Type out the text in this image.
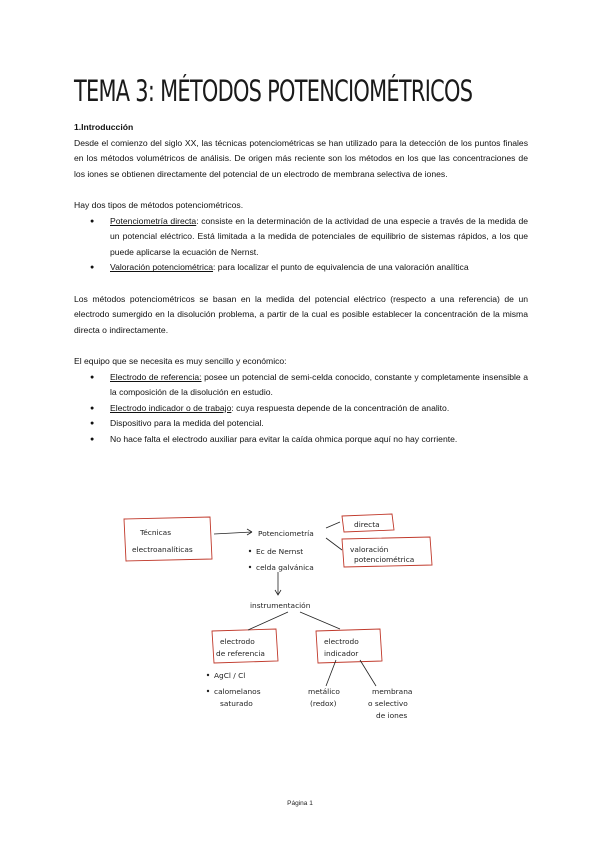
TEMA 3: MÉTODOS POTENCIOMÉTRICOS

1.Introducción

Desde el comienzo del siglo XX, las técnicas potenciométricas se han utilizado para la detección de los puntos finales en los métodos volumétricos de análisis. De origen más reciente son los métodos en los que las concentraciones de los iones se obtienen directamente del potencial de un electrodo de membrana selectiva de iones.

Hay dos tipos de métodos potenciométricos.

● Potenciometría directa: consiste en la determinación de la actividad de una especie a través de la medida de un potencial eléctrico. Está limitada a la medida de potenciales de equilibrio de sistemas rápidos, a los que puede aplicarse la ecuación de Nernst.
● Valoración potenciométrica: para localizar el punto de equivalencia de una valoración analítica

Los métodos potenciométricos se basan en la medida del potencial eléctrico (respecto a una referencia) de un electrodo sumergido en la disolución problema, a partir de la cual es posible establecer la concentración de la misma directa o indirectamente.

El equipo que se necesita es muy sencillo y económico:

● Electrodo de referencia: posee un potencial de semi-celda conocido, constante y completamente insensible a la composición de la disolución en estudio.
● Electrodo indicador o de trabajo: cuya respuesta depende de la concentración de analito.
● Dispositivo para la medida del potencial.
● No hace falta el electrodo auxiliar para evitar la caída ohmica porque aquí no hay corriente.
Técnicas
electroanalíticas
Potenciometría
directa
valoración
potenciométrica
Ec de Nernst
celda galvánica
instrumentación
electrodo
de referencia
electrodo
indicador
AgCl / Cl
calomelanos
saturado
metálico
(redox)
membrana
o selectivo
de iones
Página 1
